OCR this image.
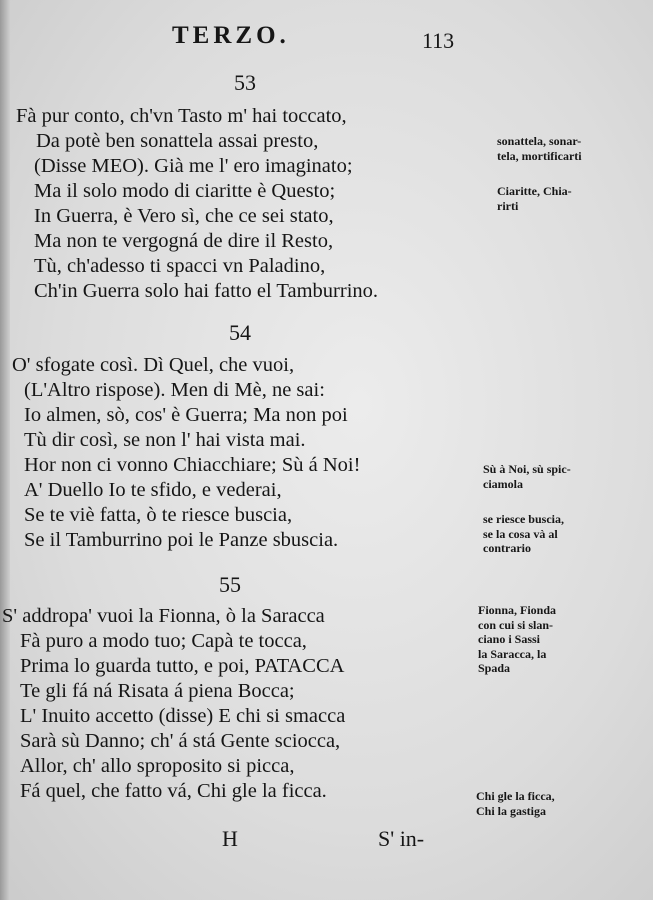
TERZO.	113
53
Fà pur conto, ch'vn Tasto m' hai toccato,
Da potè ben sonattela assai presto,
(Disse MEO). Già me l' ero imaginato;
Ma il solo modo di ciaritte è Questo;
In Guerra, è Vero sì, che ce sei stato,
Ma non te vergogná de dire il Resto,
Tù, ch'adesso ti spacci vn Paladino,
Ch'in Guerra solo hai fatto el Tamburrino.
sonattela, sonar-
tela, mortificarti
Ciaritte, Chia-
rirti
54
O' sfogate così. Dì Quel, che vuoi,
(L'Altro rispose). Men di Mè, ne sai:
Io almen, sò, cos' è Guerra; Ma non poi
Tù dir così, se non l' hai vista mai.
Hor non ci vonno Chiacchiare; Sù á Noi!
A' Duello Io te sfido, e vederai,
Se te viè fatta, ò te riesce buscia,
Se il Tamburrino poi le Panze sbuscia.
Sù à Noi, sù spic-
ciamola
se riesce buscia,
se la cosa và al
contrario
55
S' addropa' vuoi la Fionna, ò la Saracca
Fà puro a modo tuo; Capà te tocca,
Prima lo guarda tutto, e poi, PATACCA
Te gli fá ná Risata á piena Bocca;
L' Inuito accetto (disse) E chi si smacca
Sarà sù Danno; ch' á stá Gente sciocca,
Allor, ch' allo sproposito si picca,
Fá quel, che fatto vá, Chi gle la ficca.
Fionna, Fionda
con cui si slan-
ciano i Sassi
la Saracca, la
Spada
Chi gle la ficca,
Chi la gastiga
H	S' in-
